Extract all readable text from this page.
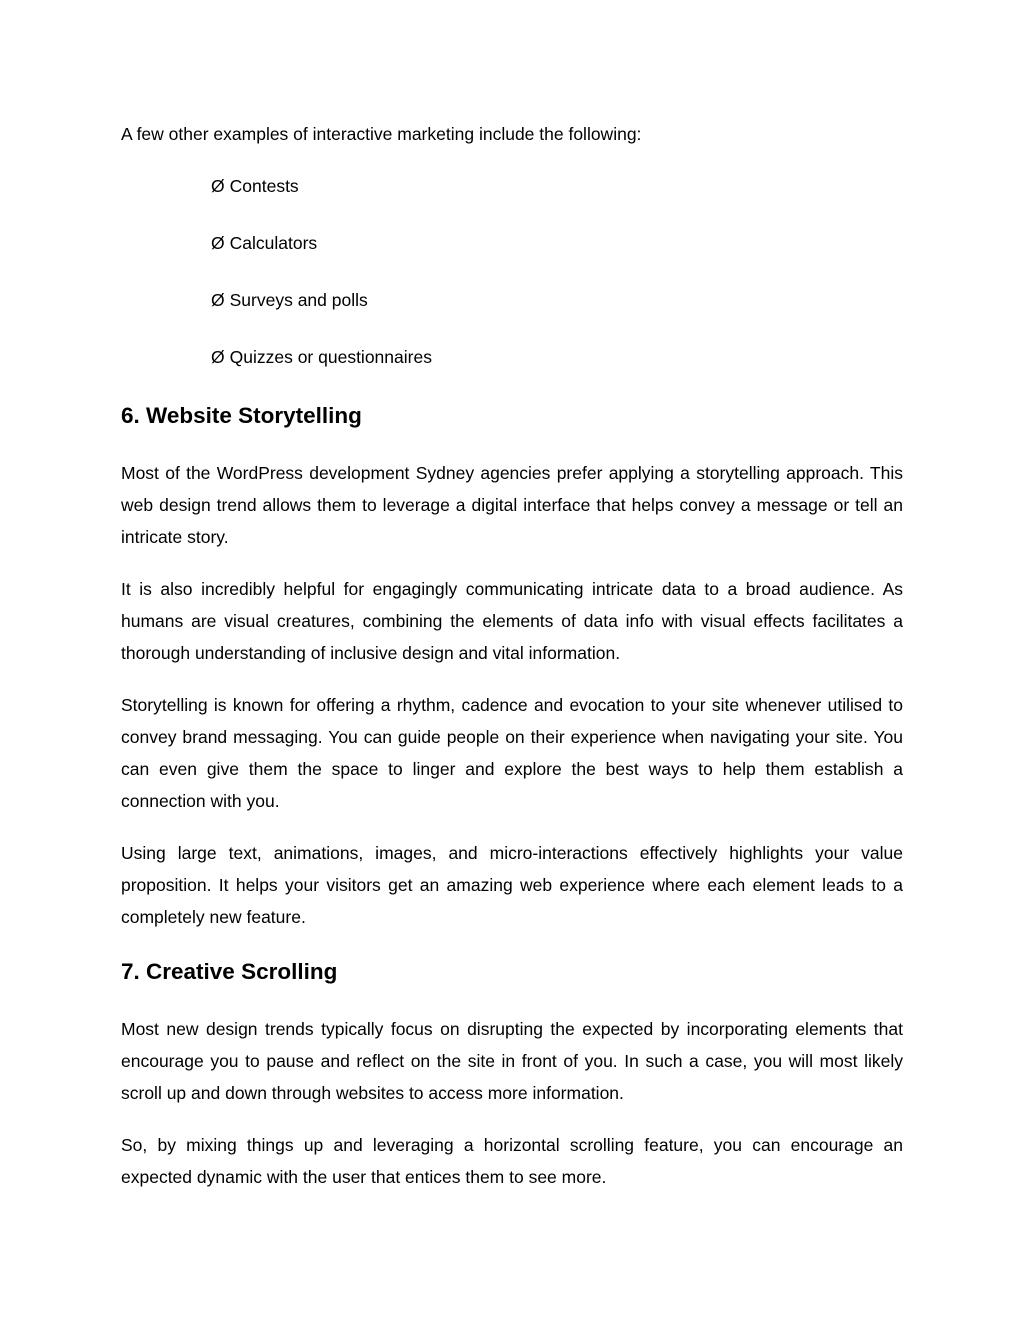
A few other examples of interactive marketing include the following:

Ø Contests
Ø Calculators
Ø Surveys and polls
Ø Quizzes or questionnaires
6. Website Storytelling

Most of the WordPress development Sydney agencies prefer applying a storytelling approach. This web design trend allows them to leverage a digital interface that helps convey a message or tell an intricate story.

It is also incredibly helpful for engagingly communicating intricate data to a broad audience. As humans are visual creatures, combining the elements of data info with visual effects facilitates a thorough understanding of inclusive design and vital information.

Storytelling is known for offering a rhythm, cadence and evocation to your site whenever utilised to convey brand messaging. You can guide people on their experience when navigating your site. You can even give them the space to linger and explore the best ways to help them establish a connection with you.

Using large text, animations, images, and micro-interactions effectively highlights your value proposition. It helps your visitors get an amazing web experience where each element leads to a completely new feature.

7. Creative Scrolling

Most new design trends typically focus on disrupting the expected by incorporating elements that encourage you to pause and reflect on the site in front of you. In such a case, you will most likely scroll up and down through websites to access more information.

So, by mixing things up and leveraging a horizontal scrolling feature, you can encourage an expected dynamic with the user that entices them to see more.
